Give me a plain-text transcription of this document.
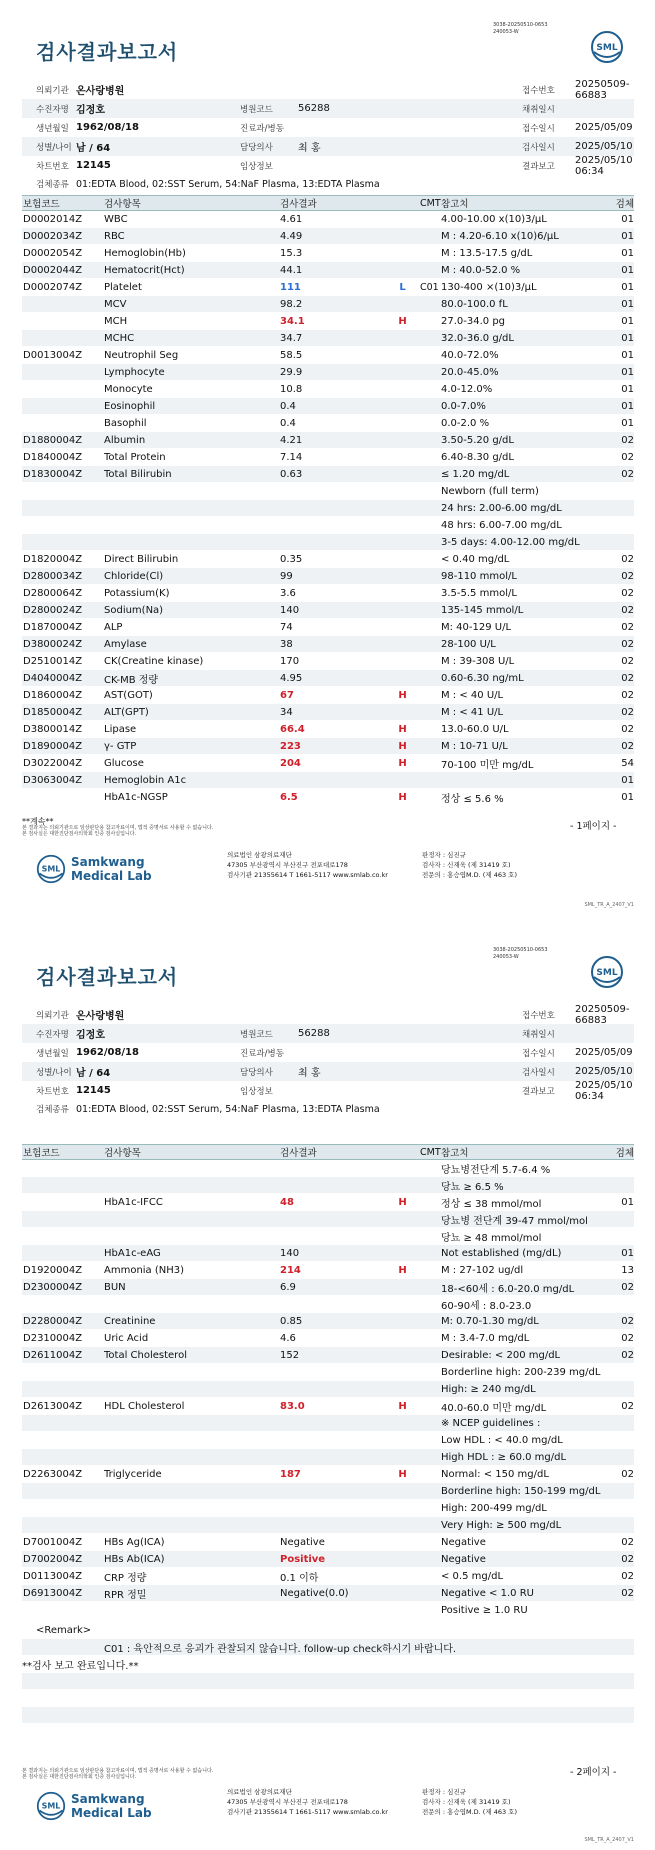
3038-20250510-0653
240053-W
검사결과보고서	SML
의뢰기관 온사랑병원	접수번호
20250509-66883
수진자명 김정호	병원코드	56288	채취일시
생년월일 1962/08/18	진료과/병동	접수일시	2025/05/09
성별/나이 남 / 64	담당의사	최 홍	검사일시	2025/05/10
차트번호 12145	임상정보	결과보고
2025/05/10 06:34
검체종류 01:EDTA Blood, 02:SST Serum, 54:NaF Plasma, 13:EDTA Plasma
보험코드	검사항목	검사결과	CMT 참고치	검체
D0002014Z	WBC	4.61	4.00-10.00 x(10)3/μL	01
D0002034Z	RBC	4.49	M : 4.20-6.10 x(10)6/μL	01
D0002054Z	Hemoglobin(Hb)	15.3	M : 13.5-17.5 g/dL	01
D0002044Z	Hematocrit(Hct)	44.1	M : 40.0-52.0 %	01
D0002074Z	Platelet	111	L	C01 130-400 ×(10)3/μL	01
MCV	98.2	80.0-100.0 fL	01
MCH	34.1	H	27.0-34.0 pg	01
MCHC	34.7	32.0-36.0 g/dL	01
D0013004Z	Neutrophil Seg	58.5	40.0-72.0%	01
Lymphocyte	29.9	20.0-45.0%	01
Monocyte	10.8	4.0-12.0%	01
Eosinophil	0.4	0.0-7.0%	01
Basophil	0.4	0.0-2.0 %	01
D1880004Z	Albumin	4.21	3.50-5.20 g/dL	02
D1840004Z	Total Protein	7.14	6.40-8.30 g/dL	02
D1830004Z	Total Bilirubin	0.63	≤ 1.20 mg/dL	02
Newborn (full term)
24 hrs: 2.00-6.00 mg/dL
48 hrs: 6.00-7.00 mg/dL
3-5 days: 4.00-12.00 mg/dL
D1820004Z	Direct Bilirubin	0.35	< 0.40 mg/dL	02
D2800034Z	Chloride(Cl)	99	98-110 mmol/L	02
D2800064Z	Potassium(K)	3.6	3.5-5.5 mmol/L	02
D2800024Z	Sodium(Na)	140	135-145 mmol/L	02
D1870004Z	ALP	74	M: 40-129 U/L	02
D3800024Z	Amylase	38	28-100 U/L	02
D2510014Z	CK(Creatine kinase)	170	M : 39-308 U/L	02
D4040004Z	CK-MB 정량	4.95	0.60-6.30 ng/mL	02
D1860004Z	AST(GOT)	67	H	M : < 40 U/L	02
D1850004Z	ALT(GPT)	34	M : < 41 U/L	02
D3800014Z	Lipase	66.4	H	13.0-60.0 U/L	02
D1890004Z	γ- GTP	223	H	M : 10-71 U/L	02
D3022004Z	Glucose	204	H	70-100 미만 mg/dL	54
D3063004Z	Hemoglobin A1c	01
HbA1c-NGSP	6.5	H	정상 ≤ 5.6 %	01
**계속**	- 1페이지 -
본 결과지는 의뢰기관으로 임상판단용 참고자료이며, 법적 증명서로 사용할 수 없습니다.
본 검사실은 대한진단검사의학회 인증 검사실입니다.
SML
Samkwang
Medical Lab
의료법인 삼광의료재단
47305 부산광역시 부산진구 전포대로178
검사기관 21355614 T 1661-5117 www.smlab.co.kr
판정자 : 심진규
검사자 : 신재욱 (제 31419 호)
전문의 : 홍승엽M.D. (제 463 호)
SML_TR_A_2407_V1
3038-20250510-0653
240053-W
검사결과보고서	SML
의뢰기관 온사랑병원	접수번호
20250509-66883
수진자명 김정호	병원코드	56288	채취일시
생년월일 1962/08/18	진료과/병동	접수일시	2025/05/09
성별/나이 남 / 64	담당의사	최 홍	검사일시	2025/05/10
차트번호 12145	임상정보	결과보고
2025/05/10 06:34
검체종류 01:EDTA Blood, 02:SST Serum, 54:NaF Plasma, 13:EDTA Plasma
보험코드	검사항목	검사결과	CMT 참고치	검체
당뇨병전단계 5.7-6.4 %
당뇨 ≥ 6.5 %
HbA1c-IFCC	48	H	정상 ≤ 38 mmol/mol	01
당뇨병 전단계 39-47 mmol/mol
당뇨 ≥ 48 mmol/mol
HbA1c-eAG	140	Not established (mg/dL)	01
D1920004Z	Ammonia (NH3)	214	H	M : 27-102 ug/dl	13
D2300004Z	BUN	6.9	18-<60세 : 6.0-20.0 mg/dL	02
60-90세 : 8.0-23.0
D2280004Z	Creatinine	0.85	M: 0.70-1.30 mg/dL	02
D2310004Z	Uric Acid	4.6	M : 3.4-7.0 mg/dL	02
D2611004Z	Total Cholesterol	152	Desirable: < 200 mg/dL	02
Borderline high: 200-239 mg/dL
High: ≥ 240 mg/dL
D2613004Z	HDL Cholesterol	83.0	H	40.0-60.0 미만 mg/dL	02
※ NCEP guidelines :
Low HDL : < 40.0 mg/dL
High HDL : ≥ 60.0 mg/dL
D2263004Z	Triglyceride	187	H	Normal: < 150 mg/dL	02
Borderline high: 150-199 mg/dL
High: 200-499 mg/dL
Very High: ≥ 500 mg/dL
D7001004Z	HBs Ag(ICA)	Negative	Negative	02
D7002004Z	HBs Ab(ICA)	Positive	Negative	02
D0113004Z	CRP 정량	0.1 이하	< 0.5 mg/dL	02
D6913004Z	RPR 정밀	Negative(0.0)	Negative < 1.0 RU	02
Positive ≥ 1.0 RU
<Remark>
C01 : 육안적으로 응괴가 관찰되지 않습니다. follow-up check하시기 바랍니다.
**검사 보고 완료입니다.**
- 2페이지 -
본 결과지는 의뢰기관으로 임상판단용 참고자료이며, 법적 증명서로 사용할 수 없습니다.
본 검사실은 대한진단검사의학회 인증 검사실입니다.
SML
Samkwang
Medical Lab
의료법인 삼광의료재단
47305 부산광역시 부산진구 전포대로178
검사기관 21355614 T 1661-5117 www.smlab.co.kr
판정자 : 심진규
검사자 : 신재욱 (제 31419 호)
전문의 : 홍승엽M.D. (제 463 호)
SML_TR_A_2407_V1
